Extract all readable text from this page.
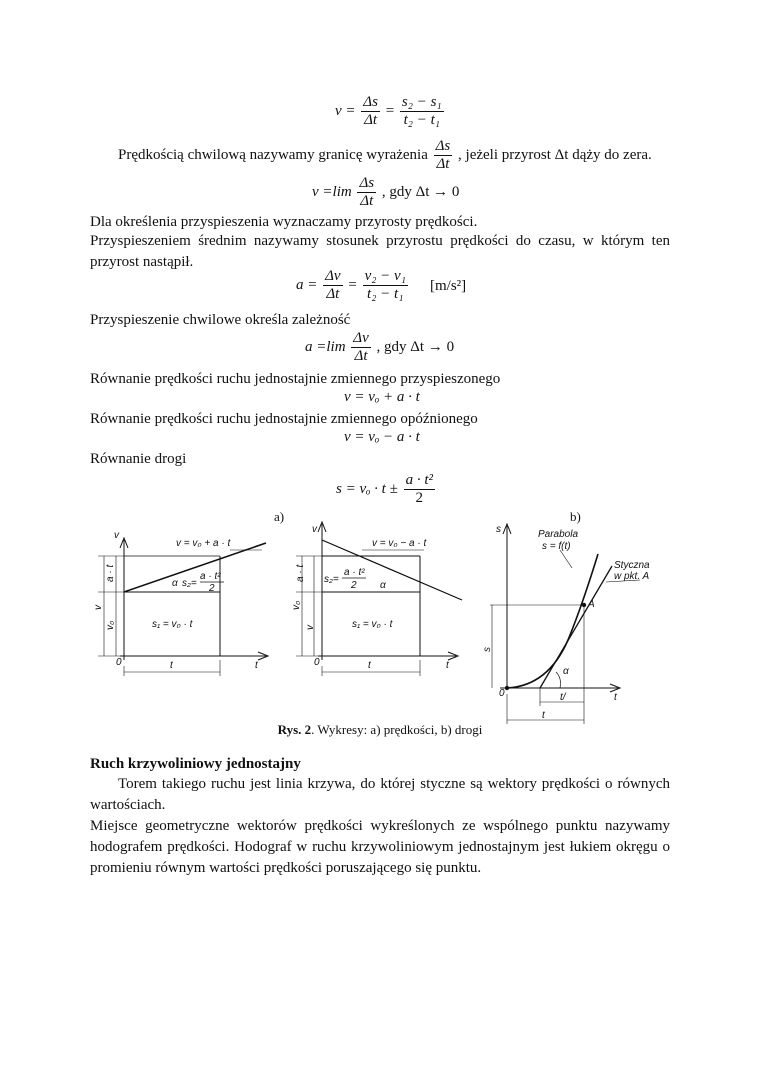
$v = \frac{\Delta s}{\Delta t} = \frac{\text{s₂ − s₁}}{\text{t₂ − t₁}}$
Prędkością chwilową nazywamy granicę wyrażenia $\frac{\Delta s}{\Delta t}$ , jeżeli przyrost Δt dąży do zera.
$v =\lim \frac{\Delta s}{\Delta t}$ , gdy Δt → 0
Dla określenia przyspieszenia wyznaczamy przyrosty prędkości.
Przyspieszeniem średnim nazywamy stosunek przyrostu prędkości do czasu, w którym ten przyrost nastąpił.
$a = \frac{\Delta v}{\Delta t} = \frac{\text{v₂ − v₁}}{\text{t₂ − t₁}} [m/s^2]$
Przyspieszenie chwilowe określa zależność
$a =\lim \frac{\Delta v}{\Delta t}$ , gdy Δt → 0
Równanie prędkości ruchu jednostajnie zmiennego przyspieszonego
v = vₒ + a · t
Równanie prędkości ruchu jednostajnie zmiennego opóźnionego
v = vₒ − a · t
Równanie drogi
$s = v_o \cdot t \pm \frac{\text{a · t²}}{2}$
a)	b)
v
t
0
v = v₀ + a · t
a · t
v
v₀
α s₂=
a · t²
2
s₁ = v₀ · t
t
v
t
0
v = v₀ − a · t
a · t
v₀
v
s₂=
a · t²
2 α
s₁ = v₀ · t
t
s
t
0
Parabola
s = f(t)
Styczna
w pkt. A
A
s
α
t/
t
Rys. 2. Wykresy: a) prędkości, b) drogi
Ruch krzywoliniowy jednostajny
Torem takiego ruchu jest linia krzywa, do której styczne są wektory prędkości o równych wartościach.
Miejsce geometryczne wektorów prędkości wykreślonych ze wspólnego punktu nazywamy hodografem prędkości. Hodograf w ruchu krzywoliniowym jednostajnym jest łukiem okręgu o promieniu równym wartości prędkości poruszającego się punktu.
